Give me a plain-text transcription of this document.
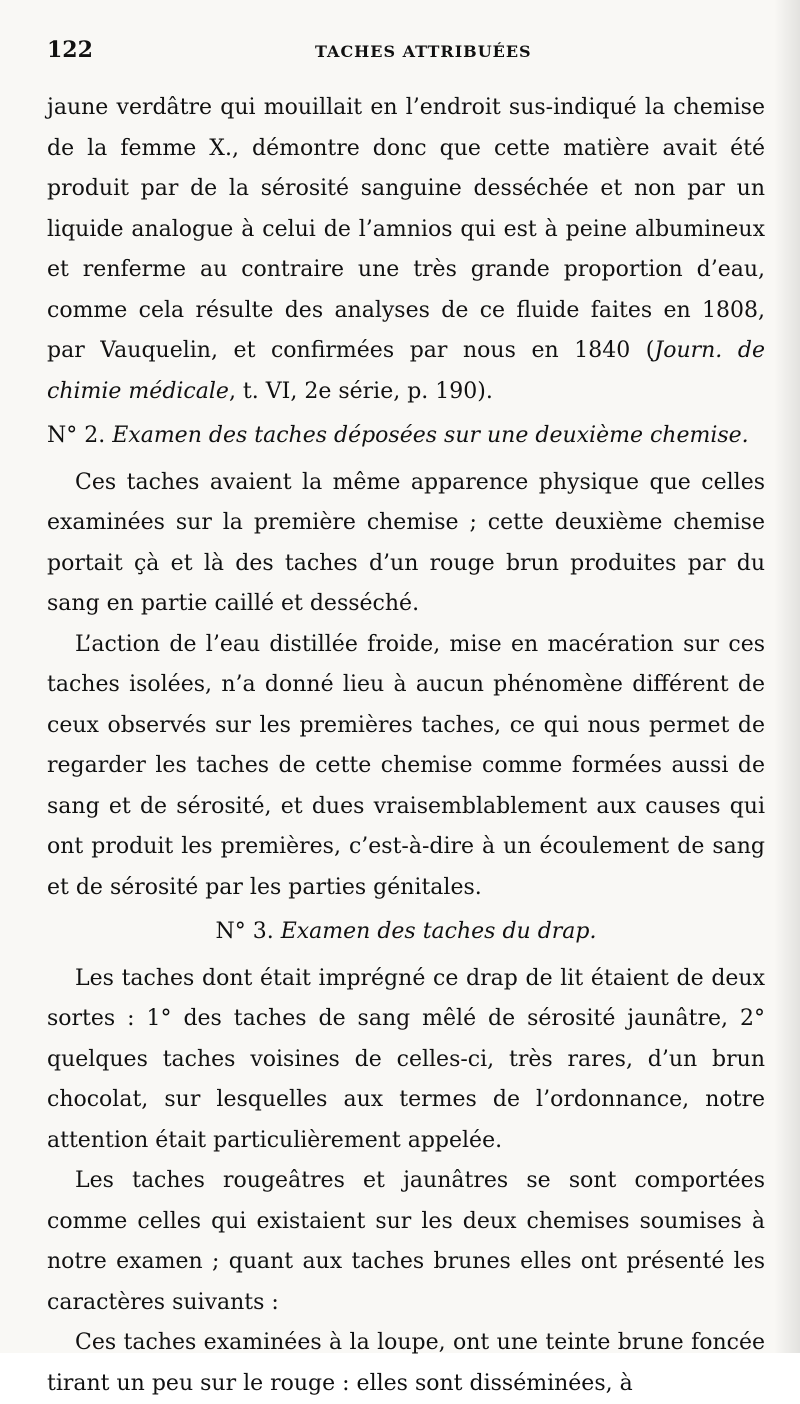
122	TACHES ATTRIBUÉES

jaune verdâtre qui mouillait en l’endroit sus-indiqué la chemise de la femme X., démontre donc que cette matière avait été produit par de la sérosité sanguine desséchée et non par un liquide analogue à celui de l’amnios qui est à peine albumineux et renferme au contraire une très grande proportion d’eau, comme cela résulte des analyses de ce fluide faites en 1808, par Vauquelin, et confirmées par nous en 1840 (Journ. de chimie médicale, t. VI, 2e série, p. 190).

N° 2. Examen des taches déposées sur une deuxième chemise.

Ces taches avaient la même apparence physique que celles examinées sur la première chemise ; cette deuxième chemise portait çà et là des taches d’un rouge brun produites par du sang en partie caillé et desséché.

L’action de l’eau distillée froide, mise en macération sur ces taches isolées, n’a donné lieu à aucun phénomène différent de ceux observés sur les premières taches, ce qui nous permet de regarder les taches de cette chemise comme formées aussi de sang et de sérosité, et dues vraisemblablement aux causes qui ont produit les premières, c’est-à-dire à un écoulement de sang et de sérosité par les parties génitales.

N° 3. Examen des taches du drap.

Les taches dont était imprégné ce drap de lit étaient de deux sortes : 1° des taches de sang mêlé de sérosité jaunâtre, 2° quelques taches voisines de celles-ci, très rares, d’un brun chocolat, sur lesquelles aux termes de l’ordonnance, notre attention était particulièrement appelée.

Les taches rougeâtres et jaunâtres se sont comportées comme celles qui existaient sur les deux chemises soumises à notre examen ; quant aux taches brunes elles ont présenté les caractères suivants :

Ces taches examinées à la loupe, ont une teinte brune foncée tirant un peu sur le rouge : elles sont disséminées, à
